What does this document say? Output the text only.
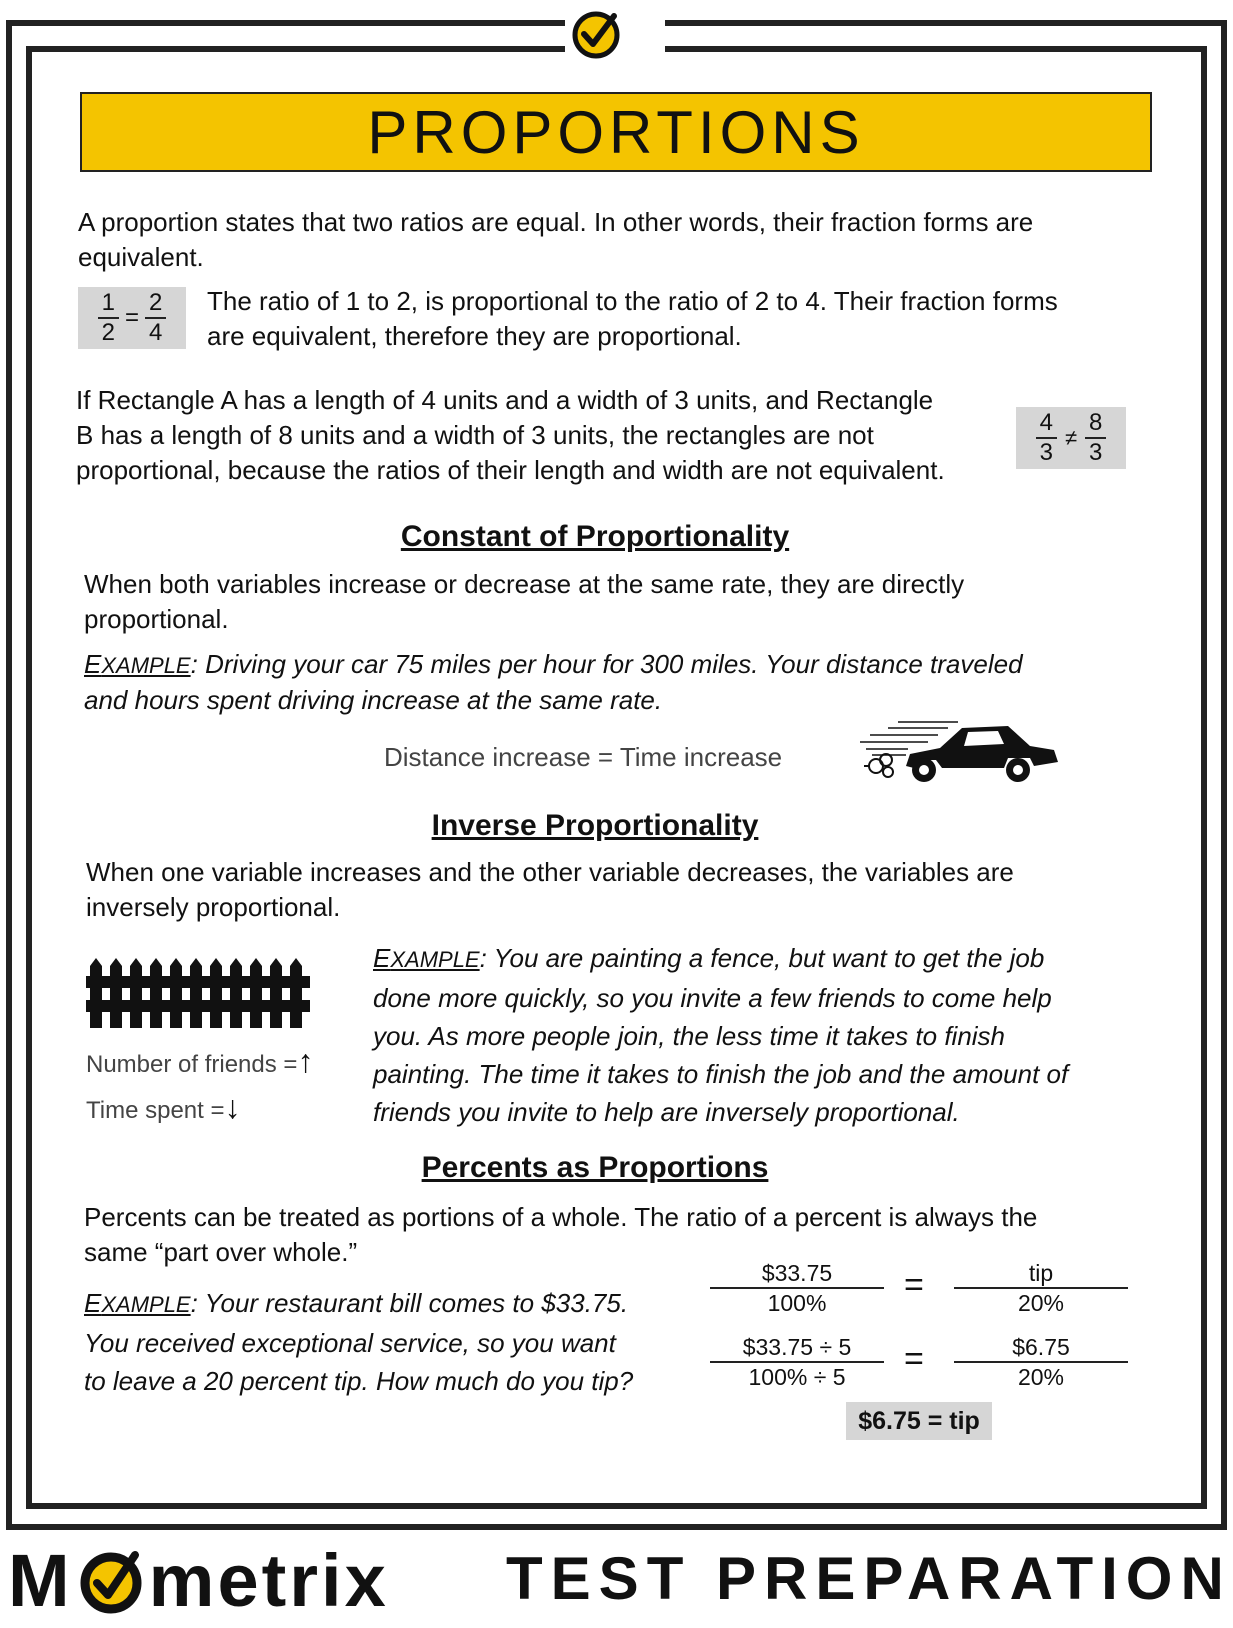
PROPORTIONS
A proportion states that two ratios are equal. In other words, their fraction forms are
equivalent.
$\frac{1}{2} = \frac{2}{4}$ The ratio of 1 to 2, is proportional to the ratio of 2 to 4. Their fraction forms
are equivalent, therefore they are proportional.
If Rectangle A has a length of 4 units and a width of 3 units, and Rectangle
B has a length of 8 units and a width of 3 units, the rectangles are not
proportional, because the ratios of their length and width are not equivalent.
$\frac{4}{3} \ne \frac{8}{3}$
Constant of Proportionality
When both variables increase or decrease at the same rate, they are directly
proportional.
EXAMPLE: Driving your car 75 miles per hour for 300 miles. Your distance traveled
and hours spent driving increase at the same rate.
Distance increase = Time increase
Inverse Proportionality
When one variable increases and the other variable decreases, the variables are
inversely proportional.
Number of friends =↑
Time spent =↓
EXAMPLE: You are painting a fence, but want to get the job
done more quickly, so you invite a few friends to come help
you. As more people join, the less time it takes to finish
painting. The time it takes to finish the job and the amount of
friends you invite to help are inversely proportional.
Percents as Proportions
Percents can be treated as portions of a whole. The ratio of a percent is always the
same “part over whole.”
EXAMPLE: Your restaurant bill comes to $33.75.
You received exceptional service, so you want
to leave a 20 percent tip. How much do you tip?
$\frac{\$33.75}{100\%}$ =	tip
20%
$\frac{\$33.75 \div 5}{100\% \div 5} = \frac{\$6.75}{20\%}$
$6.75 = tip
M metrix TEST PREPARATION
